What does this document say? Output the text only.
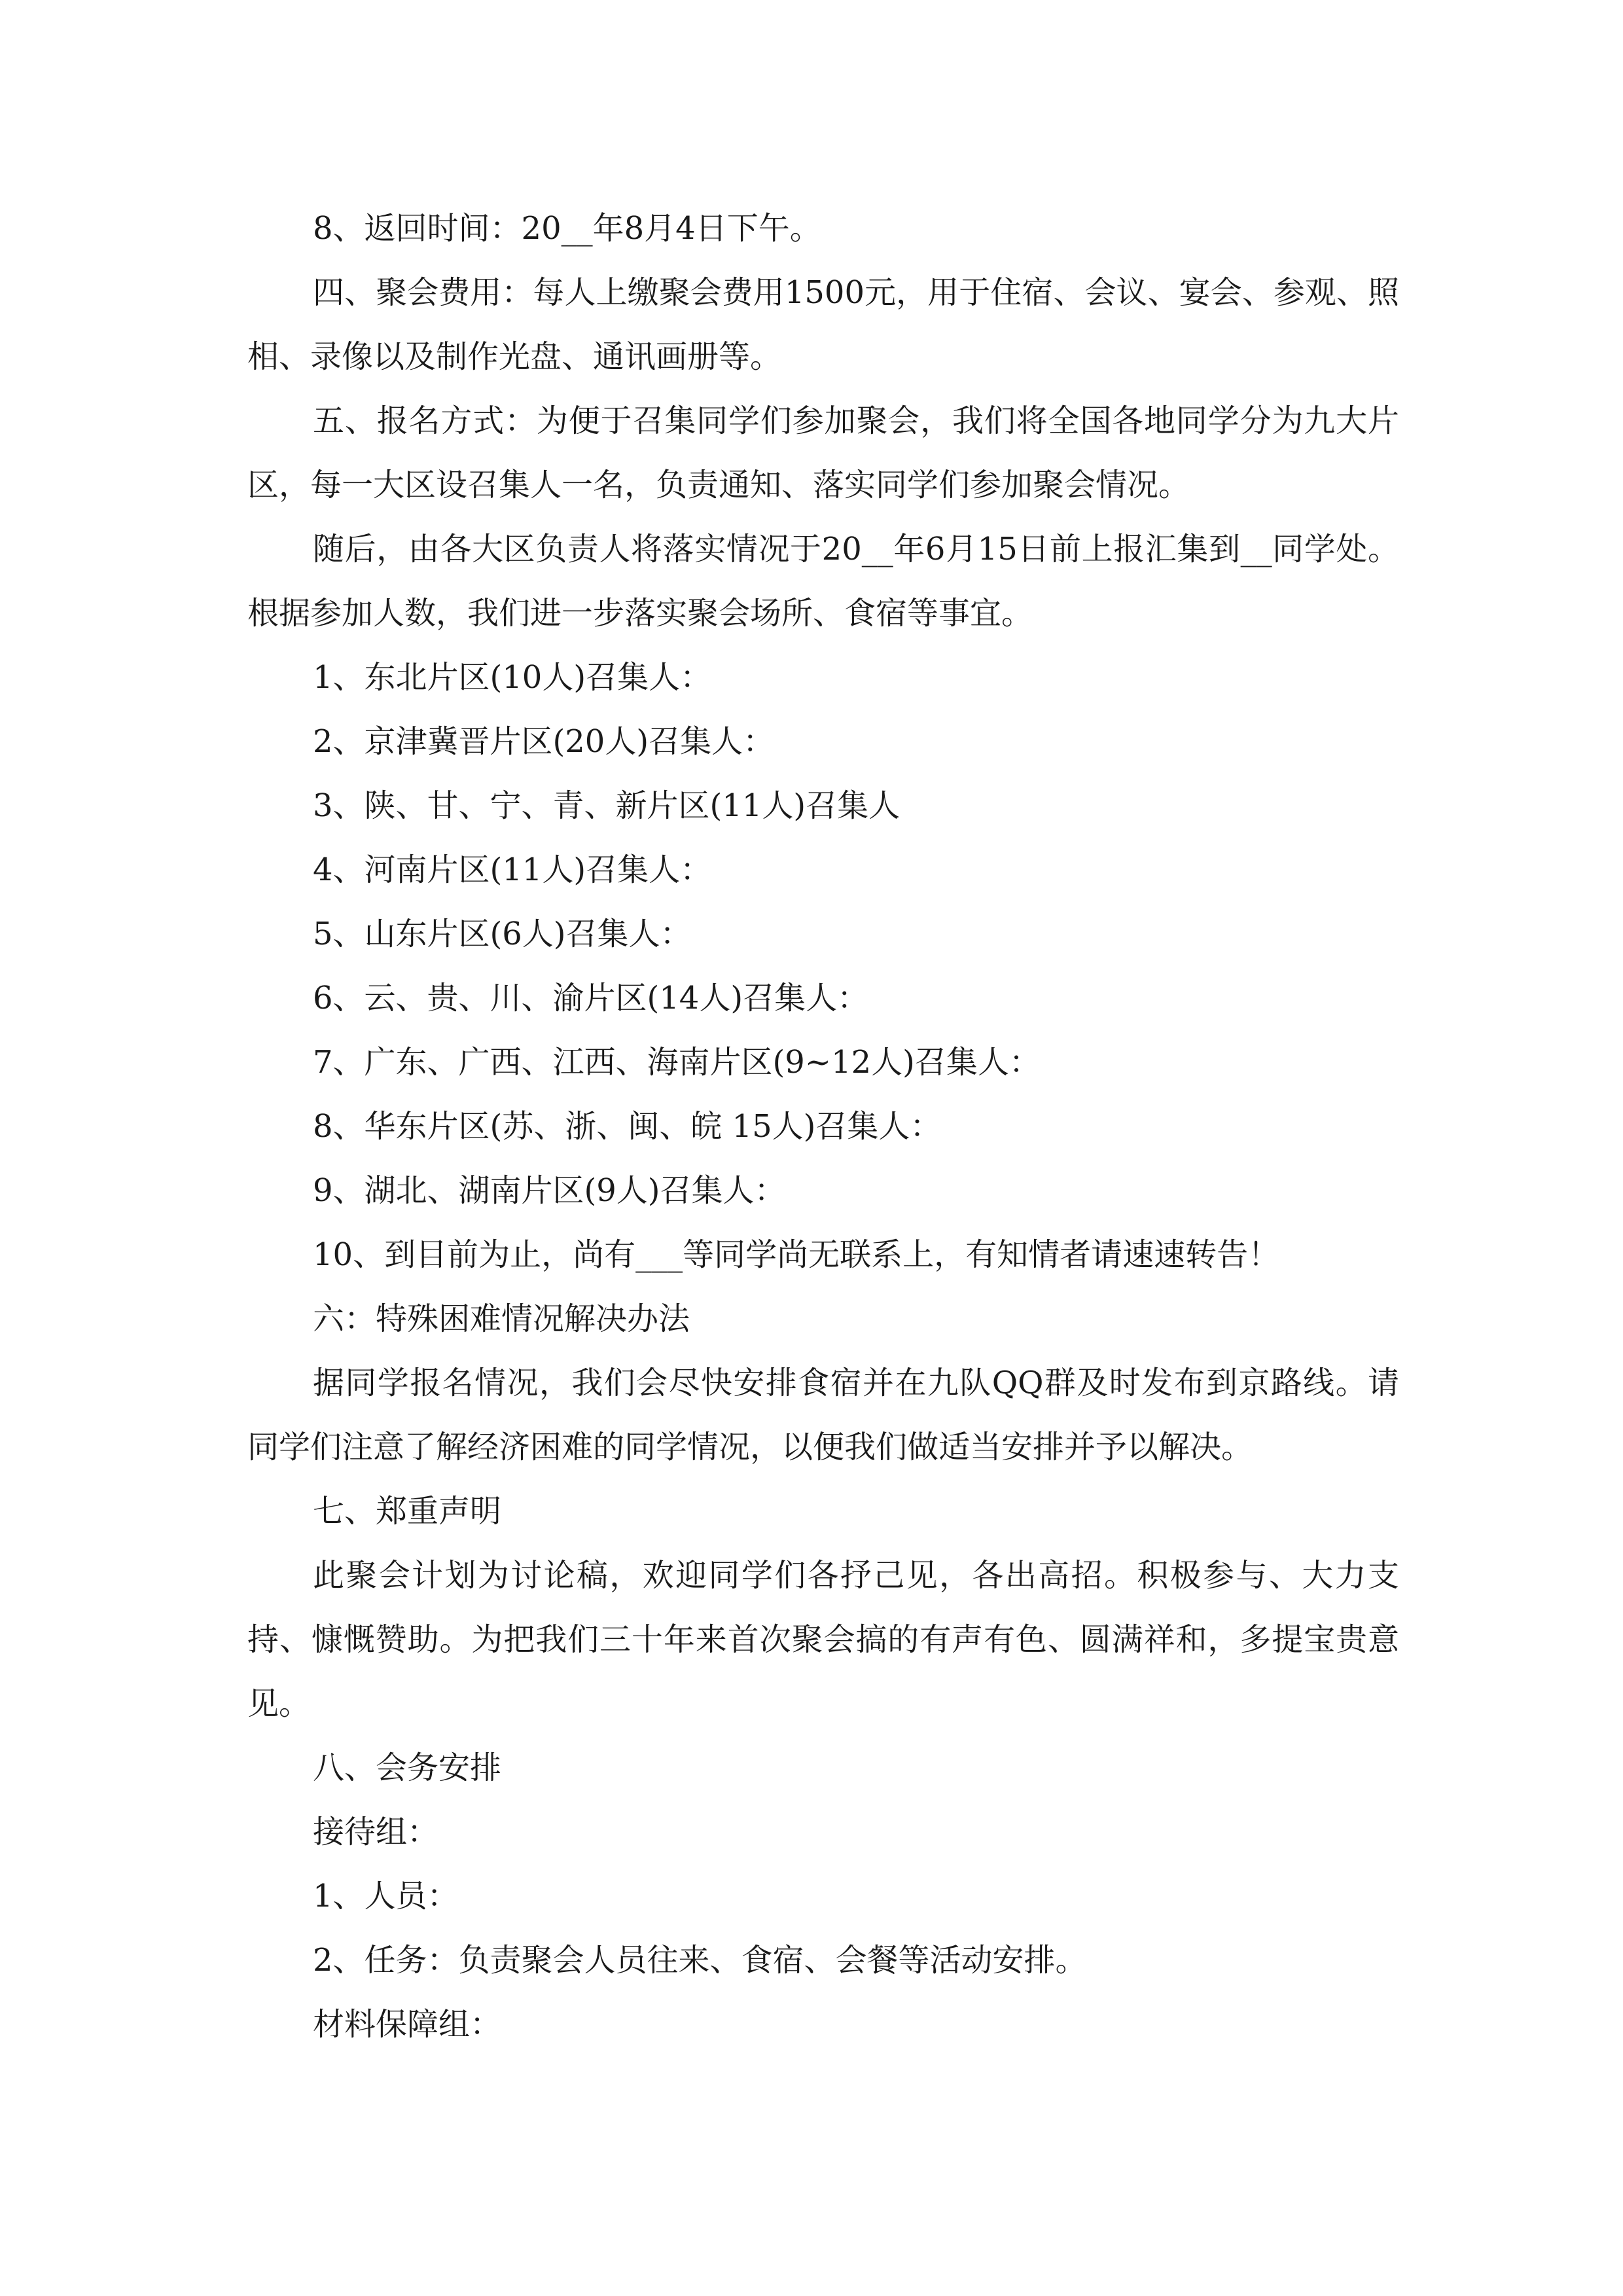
8、返回时间：20__年8月4日下午。

四、聚会费用：每人上缴聚会费用1500元，用于住宿、会议、宴会、参观、照相、录像以及制作光盘、通讯画册等。

五、报名方式：为便于召集同学们参加聚会，我们将全国各地同学分为九大片区，每一大区设召集人一名，负责通知、落实同学们参加聚会情况。

随后，由各大区负责人将落实情况于20__年6月15日前上报汇集到__同学处。根据参加人数，我们进一步落实聚会场所、食宿等事宜。

1、东北片区(10人)召集人：

2、京津冀晋片区(20人)召集人：

3、陕、甘、宁、青、新片区(11人)召集人

4、河南片区(11人)召集人：

5、山东片区(6人)召集人：

6、云、贵、川、渝片区(14人)召集人：

7、广东、广西、江西、海南片区(9~12人)召集人：

8、华东片区(苏、浙、闽、皖 15人)召集人：

9、湖北、湖南片区(9人)召集人：

10、到目前为止，尚有___等同学尚无联系上，有知情者请速速转告！

六：特殊困难情况解决办法

据同学报名情况，我们会尽快安排食宿并在九队QQ群及时发布到京路线。请同学们注意了解经济困难的同学情况，以便我们做适当安排并予以解决。

七、郑重声明

此聚会计划为讨论稿，欢迎同学们各抒己见，各出高招。积极参与、大力支持、慷慨赞助。为把我们三十年来首次聚会搞的有声有色、圆满祥和，多提宝贵意见。

八、会务安排

接待组：

1、人员：

2、任务：负责聚会人员往来、食宿、会餐等活动安排。

材料保障组：
